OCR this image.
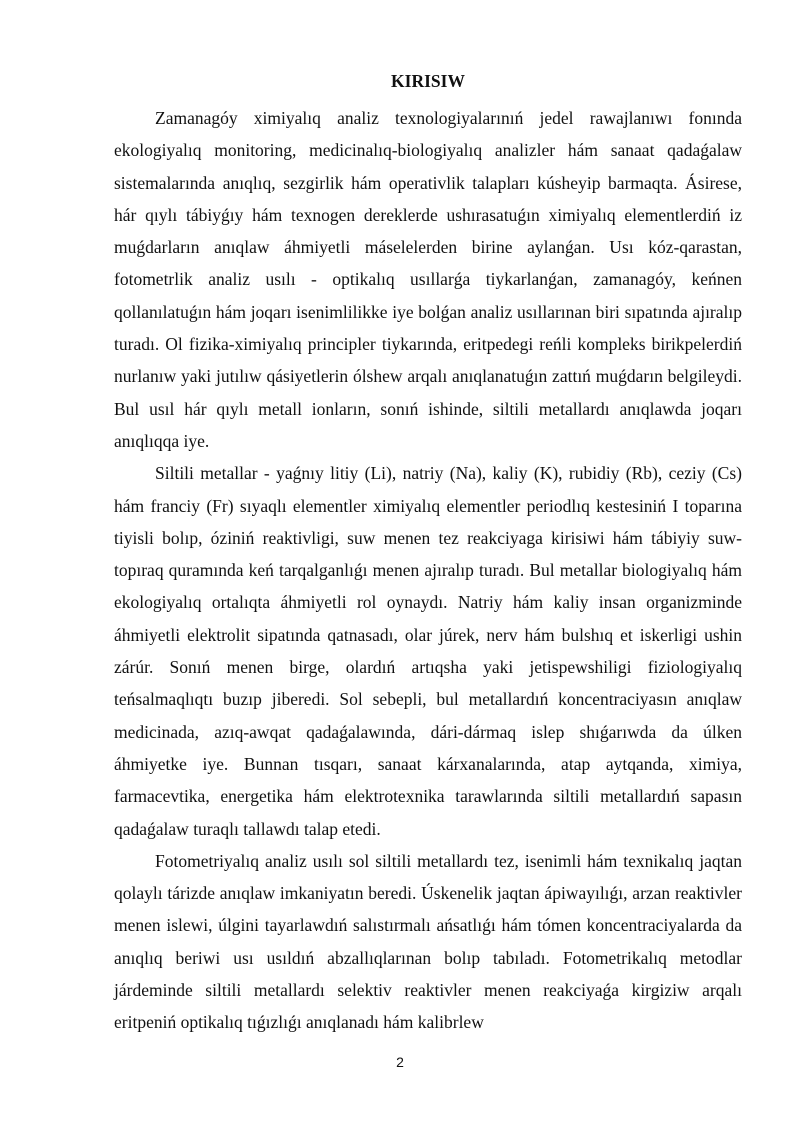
KIRISIW

Zamanagóy ximiyalıq analiz texnologiyalarınıń jedel rawajlanıwı fonında ekologiyalıq monitoring, medicinalıq-biologiyalıq analizler hám sanaat qadaǵalaw sistemalarında anıqlıq, sezgirlik hám operativlik talapları kúsheyip barmaqta. Ásirese, hár qıylı tábiyǵıy hám texnogen dereklerde ushırasatuǵın ximiyalıq elementlerdiń iz muǵdarların anıqlaw áhmiyetli máselelerden birine aylanǵan. Usı kóz-qarastan, fotometrlik analiz usılı - optikalıq usıllarǵa tiykarlanǵan, zamanagóy, keńnen qollanılatuǵın hám joqarı isenimlilikke iye bolǵan analiz usıllarınan biri sıpatında ajıralıp turadı. Ol fizika-ximiyalıq principler tiykarında, eritpedegi reńli kompleks birikpelerdiń nurlanıw yaki jutılıw qásiyetlerin ólshew arqalı anıqlanatuǵın zattıń muǵdarın belgileydi. Bul usıl hár qıylı metall ionların, sonıń ishinde, siltili metallardı anıqlawda joqarı anıqlıqqa iye.

Siltili metallar - yaǵnıy litiy (Li), natriy (Na), kaliy (K), rubidiy (Rb), ceziy (Cs) hám franciy (Fr) sıyaqlı elementler ximiyalıq elementler periodlıq kestesiniń I toparına tiyisli bolıp, óziniń reaktivligi, suw menen tez reakciyaga kirisiwi hám tábiyiy suw-topıraq quramında keń tarqalganlıǵı menen ajıralıp turadı. Bul metallar biologiyalıq hám ekologiyalıq ortalıqta áhmiyetli rol oynaydı. Natriy hám kaliy insan organizminde áhmiyetli elektrolit sipatında qatnasadı, olar júrek, nerv hám bulshıq et iskerligi ushin zárúr. Sonıń menen birge, olardıń artıqsha yaki jetispewshiligi fiziologiyalıq teńsalmaqlıqtı buzıp jiberedi. Sol sebepli, bul metallardıń koncentraciyasın anıqlaw medicinada, azıq-awqat qadaǵalawında, dári-dármaq islep shıǵarıwda da úlken áhmiyetke iye. Bunnan tısqarı, sanaat kárxanalarında, atap aytqanda, ximiya, farmacevtika, energetika hám elektrotexnika tarawlarında siltili metallardıń sapasın qadaǵalaw turaqlı tallawdı talap etedi.

Fotometriyalıq analiz usılı sol siltili metallardı tez, isenimli hám texnikalıq jaqtan qolaylı tárizde anıqlaw imkaniyatın beredi. Úskenelik jaqtan ápiwayılıǵı, arzan reaktivler menen islewi, úlgini tayarlawdıń salıstırmalı ańsatlıǵı hám tómen koncentraciyalarda da anıqlıq beriwi usı usıldıń abzallıqlarınan bolıp tabıladı. Fotometrikalıq metodlar járdeminde siltili metallardı selektiv reaktivler menen reakciyaǵa kirgiziw arqalı eritpeniń optikalıq tıǵızlıǵı anıqlanadı hám kalibrlew

2
